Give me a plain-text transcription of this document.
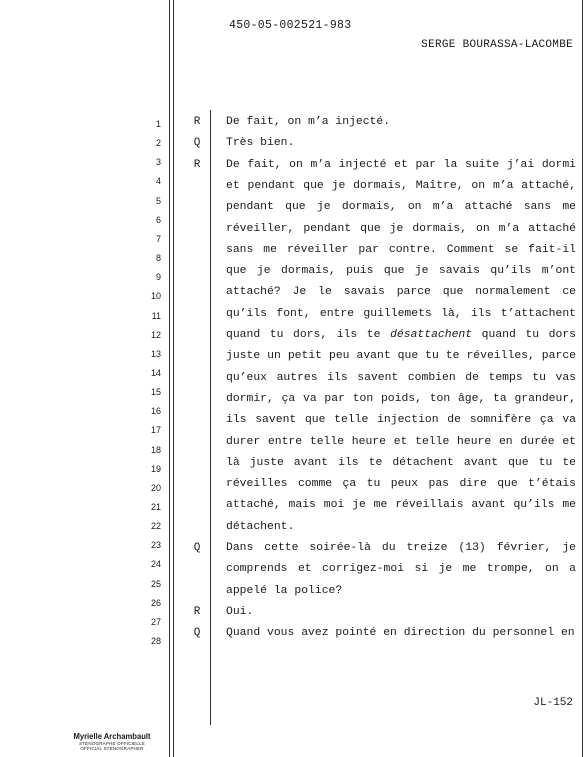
450-05-002521-983
SERGE BOURASSA-LACOMBE
1
2
3
4
5
6
7
8
9
10
11
12
13
14
15
16
17
18
19
20
21
22
23
24
25
26
27
28
R	De fait, on m’a injecté.
Q	Très bien.
R	De fait, on m’a injecté et par la suite j’ai dormi
et pendant que je dormais, Maître, on m’a attaché,
pendant que je dormais, on m’a attaché sans me
réveiller, pendant que je dormais, on m’a attaché
sans me réveiller par contre. Comment se fait-il
que je dormais, puis que je savais qu’ils m’ont
attaché? Je le savais parce que normalement ce
qu’ils font, entre guillemets là, ils t’attachent
quand tu dors, ils te désattachent quand tu dors
juste un petit peu avant que tu te réveilles, parce
qu’eux autres ils savent combien de temps tu vas
dormir, ça va par ton poids, ton âge, ta grandeur,
ils savent que telle injection de somnifère ça va
durer entre telle heure et telle heure en durée et
là juste avant ils te détachent avant que tu te
réveilles comme ça tu peux pas dire que t’étais
attaché, mais moi je me réveillais avant qu’ils me
détachent.
Q	Dans cette soirée-là du treize (13) février, je
comprends et corrigez-moi si je me trompe, on a
appelé la police?
R	Oui.
Q	Quand vous avez pointé en direction du personnel en
JL-152
Myrielle Archambault
STÉNOGRAPHE OFFICIELLE
OFFICIAL STENOGRAPHER
